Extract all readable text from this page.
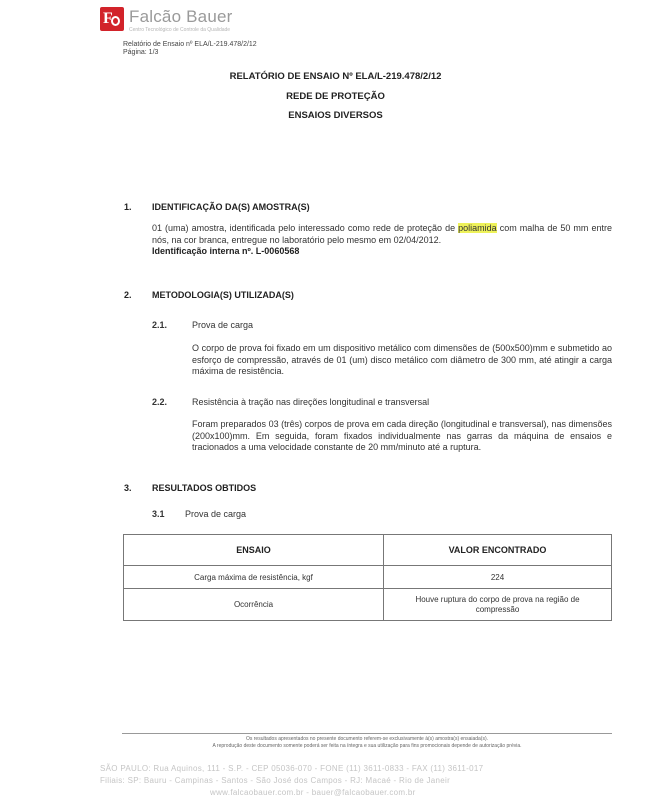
F Falcão Bauer
Centro Tecnológico de Controle da Qualidade
Relatório de Ensaio nº ELA/L-219.478/2/12
Página: 1/3
RELATÓRIO DE ENSAIO Nº ELA/L-219.478/2/12
REDE DE PROTEÇÃO
ENSAIOS DIVERSOS
1. IDENTIFICAÇÃO DA(S) AMOSTRA(S)
01 (uma) amostra, identificada pelo interessado como rede de proteção de poliamida com malha de 50 mm entre nós, na cor branca, entregue no laboratório pelo mesmo em 02/04/2012.
Identificação interna nº. L-0060568
2. METODOLOGIA(S) UTILIZADA(S)
2.1.	Prova de carga
O corpo de prova foi fixado em um dispositivo metálico com dimensões de (500x500)mm e submetido ao esforço de compressão, através de 01 (um) disco metálico com diâmetro de 300 mm, até atingir a carga máxima de resistência.
2.2.	Resistência à tração nas direções longitudinal e transversal
Foram preparados 03 (três) corpos de prova em cada direção (longitudinal e transversal), nas dimensões (200x100)mm. Em seguida, foram fixados individualmente nas garras da máquina de ensaios e tracionados a uma velocidade constante de 20 mm/minuto até a ruptura.
3. RESULTADOS OBTIDOS
3.1 Prova de carga
ENSAIO	VALOR ENCONTRADO
Carga máxima de resistência, kgf	224
Ocorrência	Houve ruptura do corpo de prova na região de compressão
Os resultados apresentados no presente documento referem-se exclusivamente à(s) amostra(s) ensaiada(s).
A reprodução deste documento somente poderá ser feita na íntegra e sua utilização para fins promocionais depende de autorização prévia.
SÃO PAULO: Rua Aquinos, 111 - S.P. - CEP 05036-070 - FONE (11) 3611-0833 - FAX (11) 3611-017
Filiais: SP: Bauru - Campinas - Santos - São José dos Campos - RJ: Macaé - Rio de Janeir
www.falcaobauer.com.br - bauer@falcaobauer.com.br
